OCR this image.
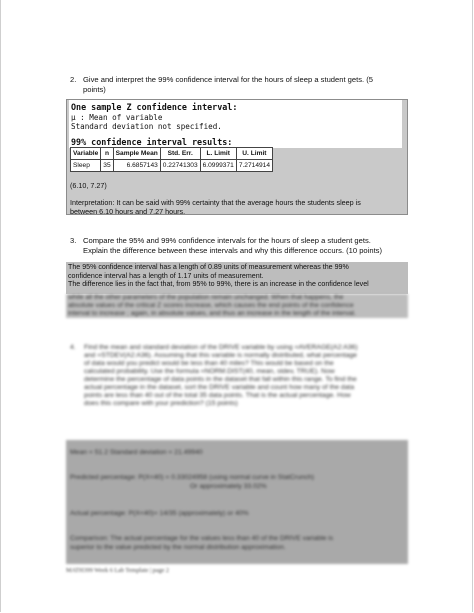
2. Give and interpret the 99% confidence interval for the hours of sleep a student gets. (5
points)
One sample Z confidence interval:
μ : Mean of variable
Standard deviation not specified.
99% confidence interval results:
Variable	n	Sample Mean	Std. Err.	L. Limit	U. Limit
Sleep	35	6.6857143	0.22741303	6.0999371	7.2714914
(6.10, 7.27)
Interpretation: It can be said with 99% certainty that the average hours the students sleep is
between 6.10 hours and 7.27 hours.
3. Compare the 95% and 99% confidence intervals for the hours of sleep a student gets.
Explain the difference between these intervals and why this difference occurs. (10 points)
The 95% confidence interval has a length of 0.89 units of measurement whereas the 99%
confidence interval has a length of 1.17 units of measurement.
The difference lies in the fact that, from 95% to 99%, there is an increase in the confidence level
while all the other parameters of the population remain unchanged. When that happens, the
absolute values of the critical Z scores increase, which causes the end points of the confidence
interval to increase ; again, in absolute values, and thus an increase in the length of the interval.
4. Find the mean and standard deviation of the DRIVE variable by using =AVERAGE(A2:A36)
and =STDEV(A2:A36). Assuming that this variable is normally distributed, what percentage
of data would you predict would be less than 40 miles? This would be based on the
calculated probability. Use the formula =NORM.DIST(40, mean, stdev, TRUE). Now
determine the percentage of data points in the dataset that fall within this range. To find the
actual percentage in the dataset, sort the DRIVE variable and count how many of the data
points are less than 40 out of the total 35 data points. That is the actual percentage. How
does this compare with your prediction? (15 points)
Mean = 51.2 Standard deviation = 21.49940
Predicted percentage: P(X<40) = 0.33024958 (using normal curve in StatCrunch)
Or approximately 33.02%
Actual percentage: P(X<40)= 14/35 (approximately) or 40%
Comparison: The actual percentage for the values less than 40 of the DRIVE variable is
superior to the value predicted by the normal distribution approximation.
MATH399 Week 6 Lab Template | page 2
